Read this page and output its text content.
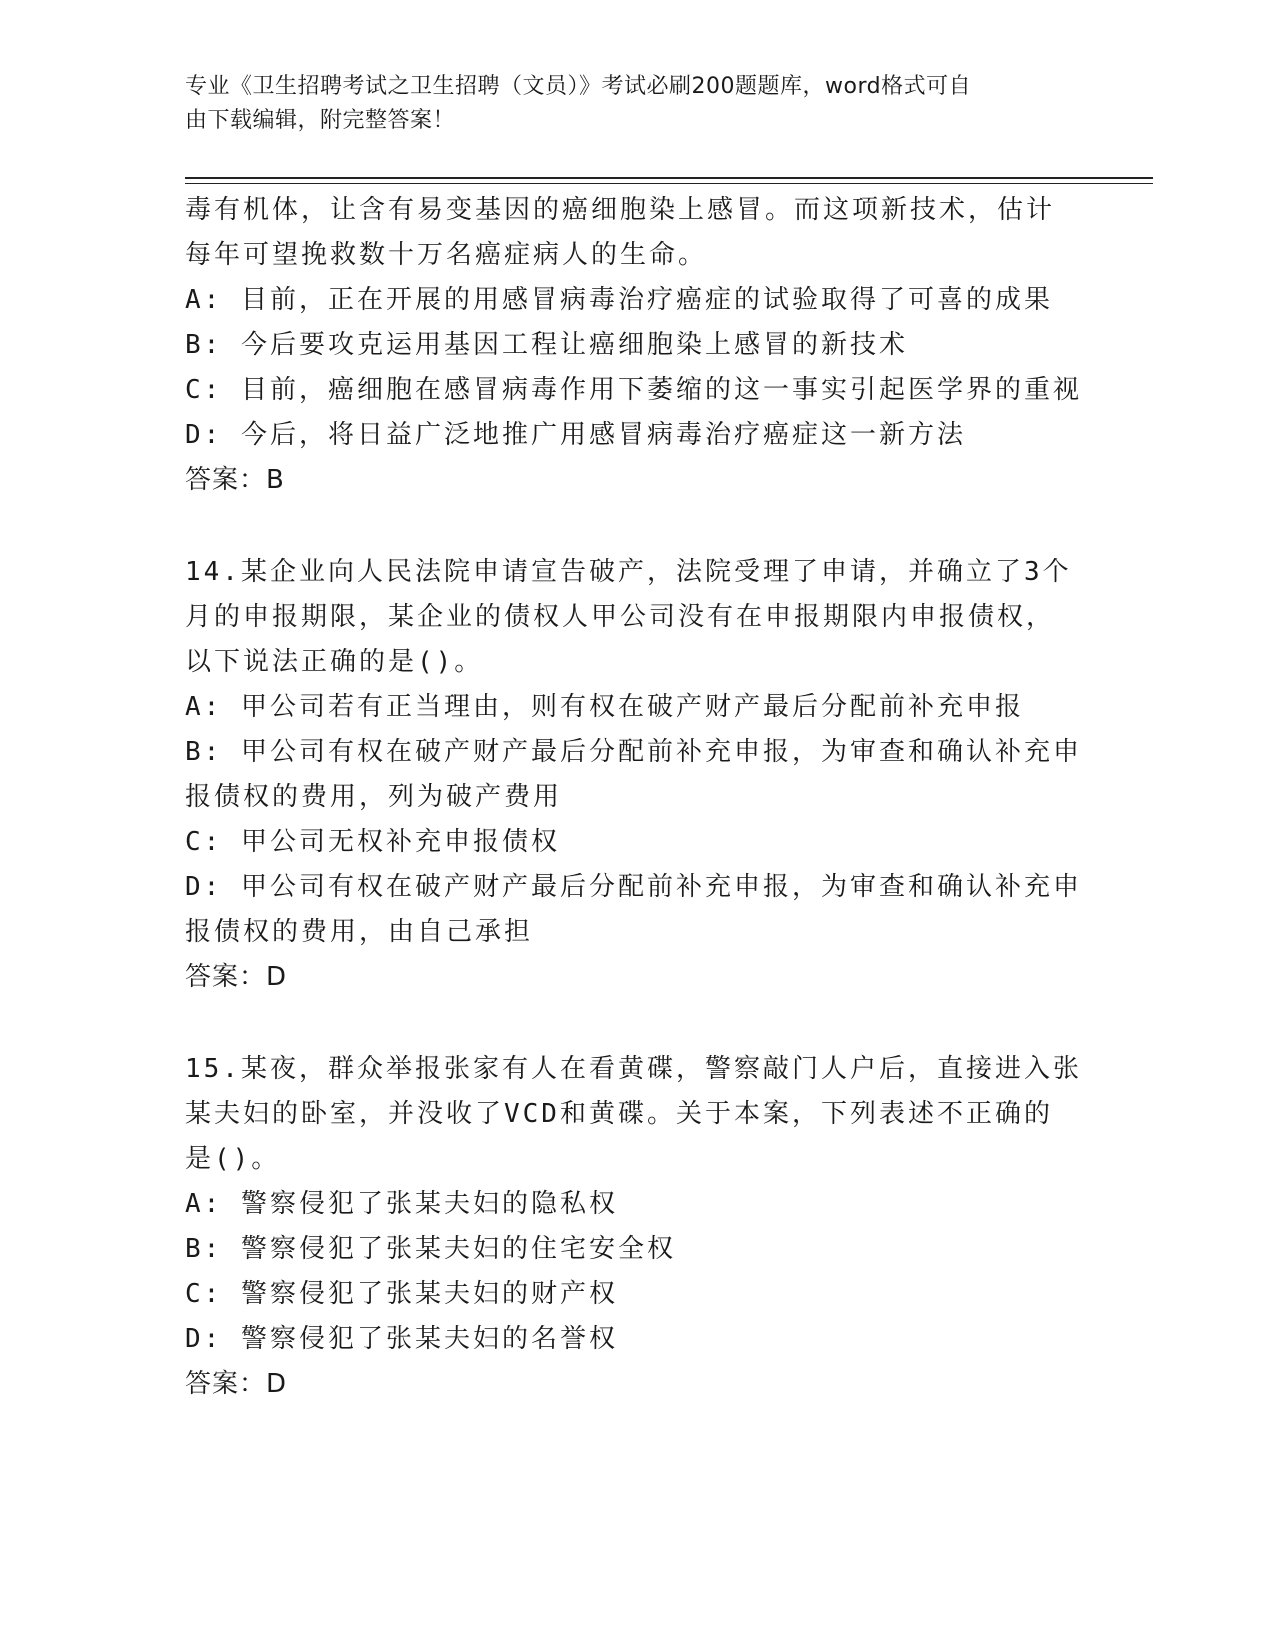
专业《卫生招聘考试之卫生招聘（文员）》考试必刷200题题库，word格式可自
由下载编辑，附完整答案！
毒有机体，让含有易变基因的癌细胞染上感冒。而这项新技术，估计
每年可望挽救数十万名癌症病人的生命。
A: 目前，正在开展的用感冒病毒治疗癌症的试验取得了可喜的成果
B: 今后要攻克运用基因工程让癌细胞染上感冒的新技术
C: 目前，癌细胞在感冒病毒作用下萎缩的这一事实引起医学界的重视
D: 今后，将日益广泛地推广用感冒病毒治疗癌症这一新方法
答案：B
14.某企业向人民法院申请宣告破产，法院受理了申请，并确立了3个
月的申报期限，某企业的债权人甲公司没有在申报期限内申报债权，
以下说法正确的是()。
A: 甲公司若有正当理由，则有权在破产财产最后分配前补充申报
B: 甲公司有权在破产财产最后分配前补充申报，为审查和确认补充申
报债权的费用，列为破产费用
C: 甲公司无权补充申报债权
D: 甲公司有权在破产财产最后分配前补充申报，为审查和确认补充申
报债权的费用，由自己承担
答案：D
15.某夜，群众举报张家有人在看黄碟，警察敲门人户后，直接进入张
某夫妇的卧室，并没收了VCD和黄碟。关于本案，下列表述不正确的
是()。
A: 警察侵犯了张某夫妇的隐私权
B: 警察侵犯了张某夫妇的住宅安全权
C: 警察侵犯了张某夫妇的财产权
D: 警察侵犯了张某夫妇的名誉权
答案：D
